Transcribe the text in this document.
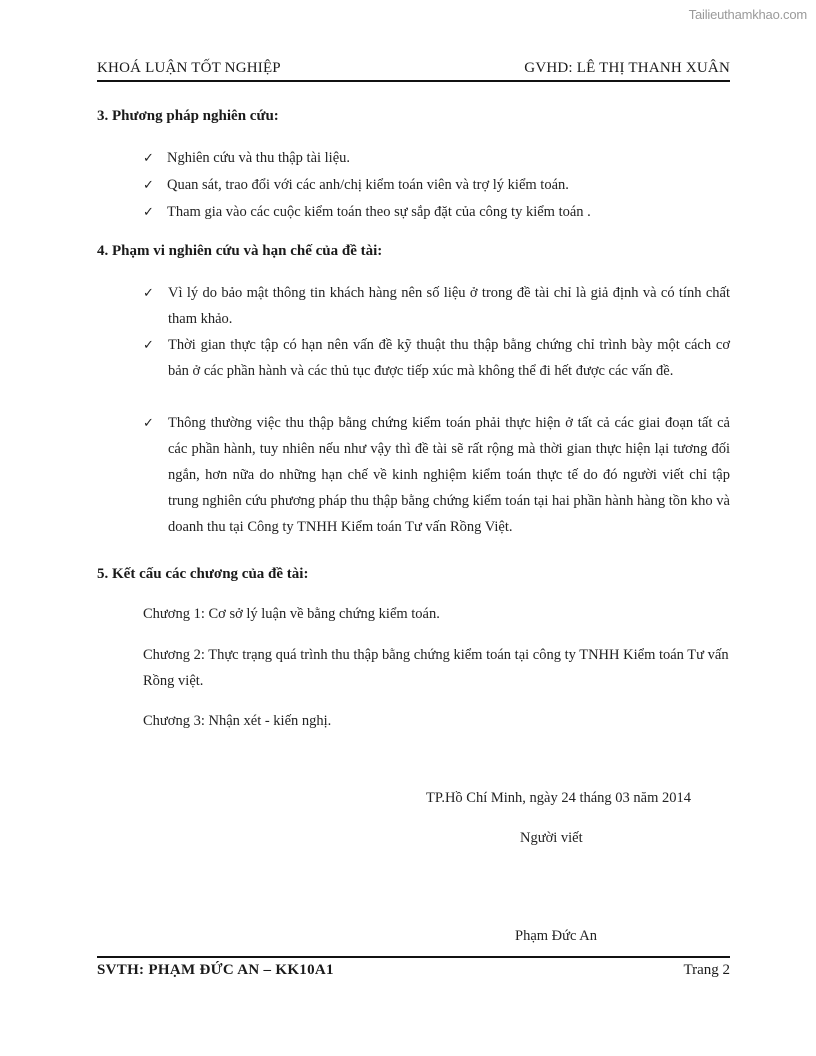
Tailieuthamkhao.com
KHOÁ LUẬN TỐT NGHIỆP	GVHD: LÊ THỊ THANH XUÂN
3. Phương pháp nghiên cứu:
✓ Nghiên cứu và thu thập tài liệu.
✓ Quan sát, trao đổi với các anh/chị kiểm toán viên và trợ lý kiểm toán.
✓ Tham gia vào các cuộc kiểm toán theo sự sắp đặt của công ty kiểm toán .
4. Phạm vi nghiên cứu và hạn chế của đề tài:
✓ Vì lý do bảo mật thông tin khách hàng nên số liệu ở trong đề tài chỉ là giả định và có tính chất tham khảo.
✓ Thời gian thực tập có hạn nên vấn đề kỹ thuật thu thập bằng chứng chỉ trình bày một cách cơ bản ở các phần hành và các thủ tục được tiếp xúc mà không thể đi hết được các vấn đề.
✓ Thông thường việc thu thập bằng chứng kiểm toán phải thực hiện ở tất cả các giai đoạn tất cả các phần hành, tuy nhiên nếu như vậy thì đề tài sẽ rất rộng mà thời gian thực hiện lại tương đối ngắn, hơn nữa do những hạn chế về kinh nghiệm kiểm toán thực tế do đó người viết chỉ tập trung nghiên cứu phương pháp thu thập bằng chứng kiểm toán tại hai phần hành hàng tồn kho và doanh thu tại Công ty TNHH Kiểm toán Tư vấn Rồng Việt.
5. Kết cấu các chương của đề tài:
Chương 1: Cơ sở lý luận về bằng chứng kiểm toán.
Chương 2: Thực trạng quá trình thu thập bằng chứng kiểm toán tại công ty TNHH Kiểm toán Tư vấn Rồng việt.
Chương 3: Nhận xét - kiến nghị.
TP.Hồ Chí Minh, ngày 24 tháng 03 năm 2014
Người viết
Phạm Đức An
SVTH: PHẠM ĐỨC AN – KK10A1	Trang 2
